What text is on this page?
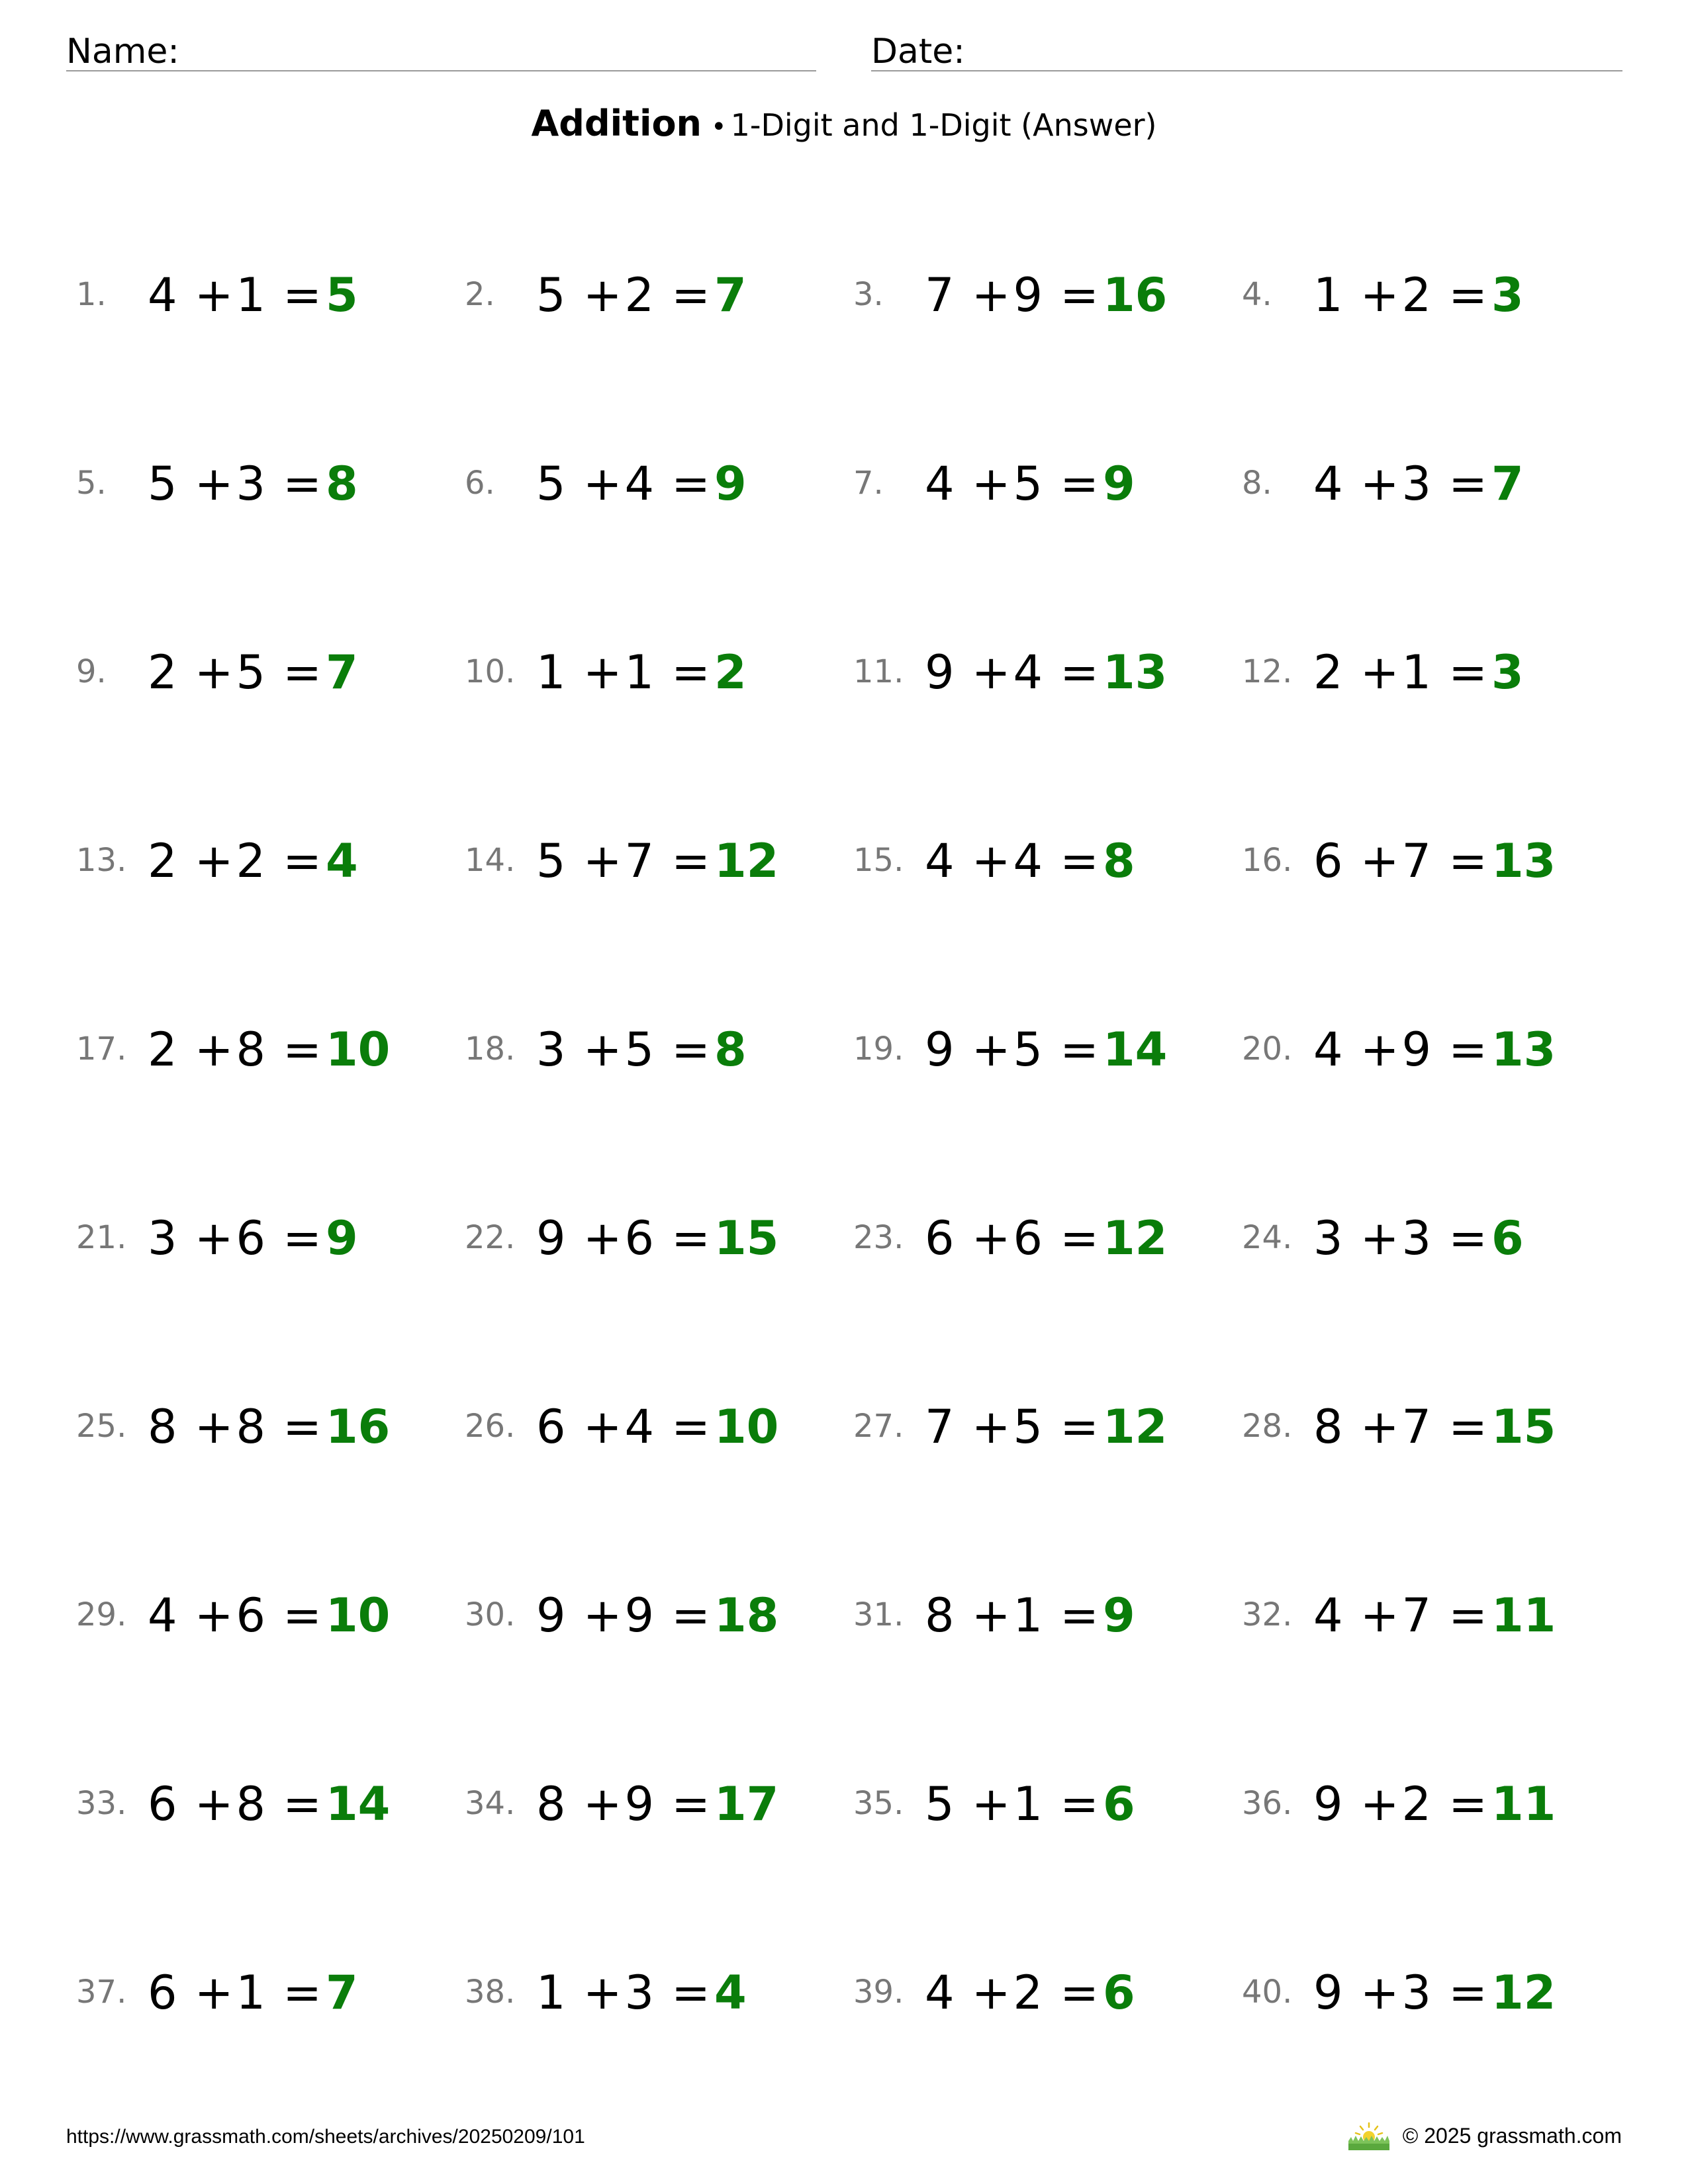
Name:	Date:
Addition • 1-Digit and 1-Digit (Answer)
1. 4 +1 =5	2. 5 +2 =7	3. 7 +9 =16 4. 1 +2 =3
5. 5 +3 =8	6. 5 +4 =9	7. 4 +5 =9	8. 4 +3 =7
9. 2 +5 =7	10. 1 +1 =2	11. 9 +4 =13 12. 2 +1 =3
13. 2 +2 =4	14. 5 +7 =12 15. 4 +4 =8	16. 6 +7 =13
17. 2 +8 =10 18. 3 +5 =8	19. 9 +5 =14 20. 4 +9 =13
21. 3 +6 =9	22. 9 +6 =15 23. 6 +6 =12 24. 3 +3 =6
25. 8 +8 =16 26. 6 +4 =10 27. 7 +5 =12 28. 8 +7 =15
29. 4 +6 =10 30. 9 +9 =18 31. 8 +1 =9	32. 4 +7 =11
33. 6 +8 =14 34. 8 +9 =17 35. 5 +1 =6	36. 9 +2 =11
37. 6 +1 =7	38. 1 +3 =4	39. 4 +2 =6	40. 9 +3 =12
https://www.grassmath.com/sheets/archives/20250209/101	© 2025 grassmath.com
